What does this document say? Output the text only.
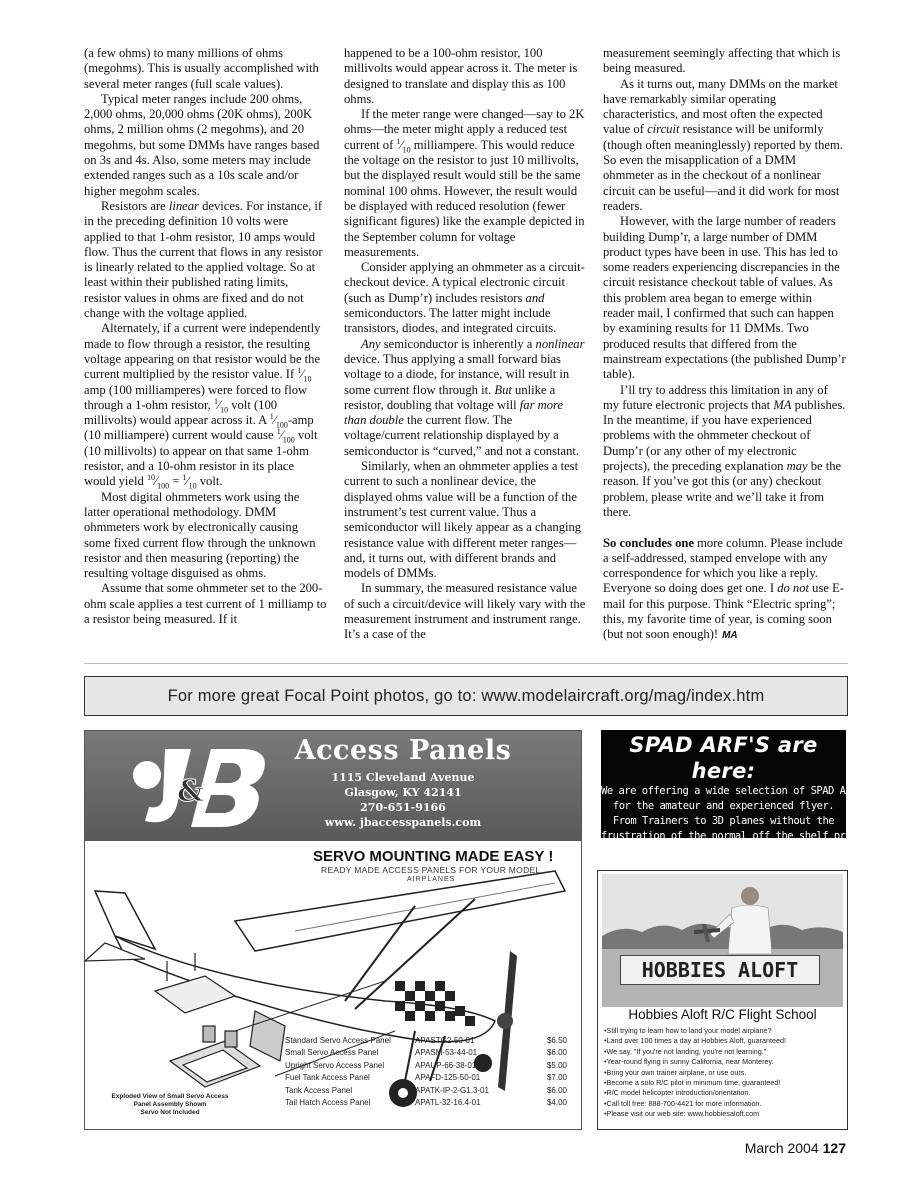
(a few ohms) to many millions of ohms (megohms). This is usually accomplished with several meter ranges (full scale values).

Typical meter ranges include 200 ohms, 2,000 ohms, 20,000 ohms (20K ohms), 200K ohms, 2 million ohms (2 megohms), and 20 megohms, but some DMMs have ranges based on 3s and 4s. Also, some meters may include extended ranges such as a 10s scale and/or higher megohm scales.

Resistors are linear devices. For instance, if in the preceding definition 10 volts were applied to that 1-ohm resistor, 10 amps would flow. Thus the current that flows in any resistor is linearly related to the applied voltage. So at least within their published rating limits, resistor values in ohms are fixed and do not change with the voltage applied.

Alternately, if a current were independently made to flow through a resistor, the resulting voltage appearing on that resistor would be the current multiplied by the resistor value. If $^1⁄_{10}$ amp (100 milliamperes) were forced to flow through a 1-ohm resistor, $^1⁄_{10}$ volt (100 millivolts) would appear across it. A $^1⁄_{100}$-amp (10 milliampere) current would cause $^1⁄_{100}$ volt (10 millivolts) to appear on that same 1-ohm resistor, and a 10-ohm resistor in its place would yield $^{10}⁄_{100}$ = $^1⁄_{10}$ volt.

Most digital ohmmeters work using the latter operational methodology. DMM ohmmeters work by electronically causing some fixed current flow through the unknown resistor and then measuring (reporting) the resulting voltage disguised as ohms.

Assume that some ohmmeter set to the 200-ohm scale applies a test current of 1 milliamp to a resistor being measured. If it

happened to be a 100-ohm resistor, 100 millivolts would appear across it. The meter is designed to translate and display this as 100 ohms.

If the meter range were changed—say to 2K ohms—the meter might apply a reduced test current of $^1⁄_{10}$ milliampere. This would reduce the voltage on the resistor to just 10 millivolts, but the displayed result would still be the same nominal 100 ohms. However, the result would be displayed with reduced resolution (fewer significant figures) like the example depicted in the September column for voltage measurements.

Consider applying an ohmmeter as a circuit-checkout device. A typical electronic circuit (such as Dump’r) includes resistors and semiconductors. The latter might include transistors, diodes, and integrated circuits.

Any semiconductor is inherently a nonlinear device. Thus applying a small forward bias voltage to a diode, for instance, will result in some current flow through it. But unlike a resistor, doubling that voltage will far more than double the current flow. The voltage/current relationship displayed by a semiconductor is “curved,” and not a constant.

Similarly, when an ohmmeter applies a test current to such a nonlinear device, the displayed ohms value will be a function of the instrument’s test current value. Thus a semiconductor will likely appear as a changing resistance value with different meter ranges—and, it turns out, with different brands and models of DMMs.

In summary, the measured resistance value of such a circuit/device will likely vary with the measurement instrument and instrument range. It’s a case of the

measurement seemingly affecting that which is being measured.

As it turns out, many DMMs on the market have remarkably similar operating characteristics, and most often the expected value of circuit resistance will be uniformly (though often meaninglessly) reported by them. So even the misapplication of a DMM ohmmeter as in the checkout of a nonlinear circuit can be useful—and it did work for most readers.

However, with the large number of readers building Dump’r, a large number of DMM product types have been in use. This has led to some readers experiencing discrepancies in the circuit resistance checkout table of values. As this problem area began to emerge within reader mail, I confirmed that such can happen by examining results for 11 DMMs. Two produced results that differed from the mainstream expectations (the published Dump’r table).

I’ll try to address this limitation in any of my future electronic projects that MA publishes. In the meantime, if you have experienced problems with the ohmmeter checkout of Dump’r (or any other of my electronic projects), the preceding explanation may be the reason. If you’ve got this (or any) checkout problem, please write and we’ll take it from there.

So concludes one more column. Please include a self-addressed, stamped envelope with any correspondence for which you like a reply. Everyone so doing does get one. I do not use E-mail for this purpose. Think “Electric spring”; this, my favorite time of year, is coming soon (but not soon enough)! MA

For more great Focal Point photos, go to: www.modelaircraft.org/mag/index.htm
&
Access Panels
1115 Cleveland Avenue
Glasgow, KY 42141
270-651-9166
www. jbaccesspanels.com
SERVO MOUNTING MADE EASY !
READY MADE ACCESS PANELS FOR YOUR MODEL
AIRPLANES
Standard Servo Access Panel	APASTG2-50-01	$6.50
Small Servo Access Panel	APASM-53-44-01	$6.00
Upright Servo Access Panel	APAUP-66-38-01	$5.00
Fuel Tank Access Panel	APAFD-125-50-01	$7.00
Tank Access Panel	APATK-IP-2-G1.3-01	$6.00
Tail Hatch Access Panel	APATL-32-16.4-01	$4.00
Exploded View of Small Servo Access
Panel Assembly Shown
Servo Not Included
SPAD ARF'S are here:
We are offering a wide selection of SPAD ARFS
for the amateur and experienced flyer.
From Trainers to 3D planes without the
frustration of the normal off the shelf product.
www.spad.com or call 630-768-2043
HOBBIES ALOFT
Hobbies Aloft R/C Flight School
• Still trying to learn how to land your model airplane?
• Land over 100 times a day at Hobbies Aloft, guaranteed!
• We say, "If you're not landing, you're not learning."
• Year-round flying in sunny California, near Monterey.
• Bring your own trainer airplane, or use ours.
• Become a solo R/C pilot in minimum time, guaranteed!
• R/C model helicopter introduction/orientation.
• Call toll free: 888-700-4421 for more information.
• Please visit our web site: www.hobbiesaloft.com
March 2004 127
